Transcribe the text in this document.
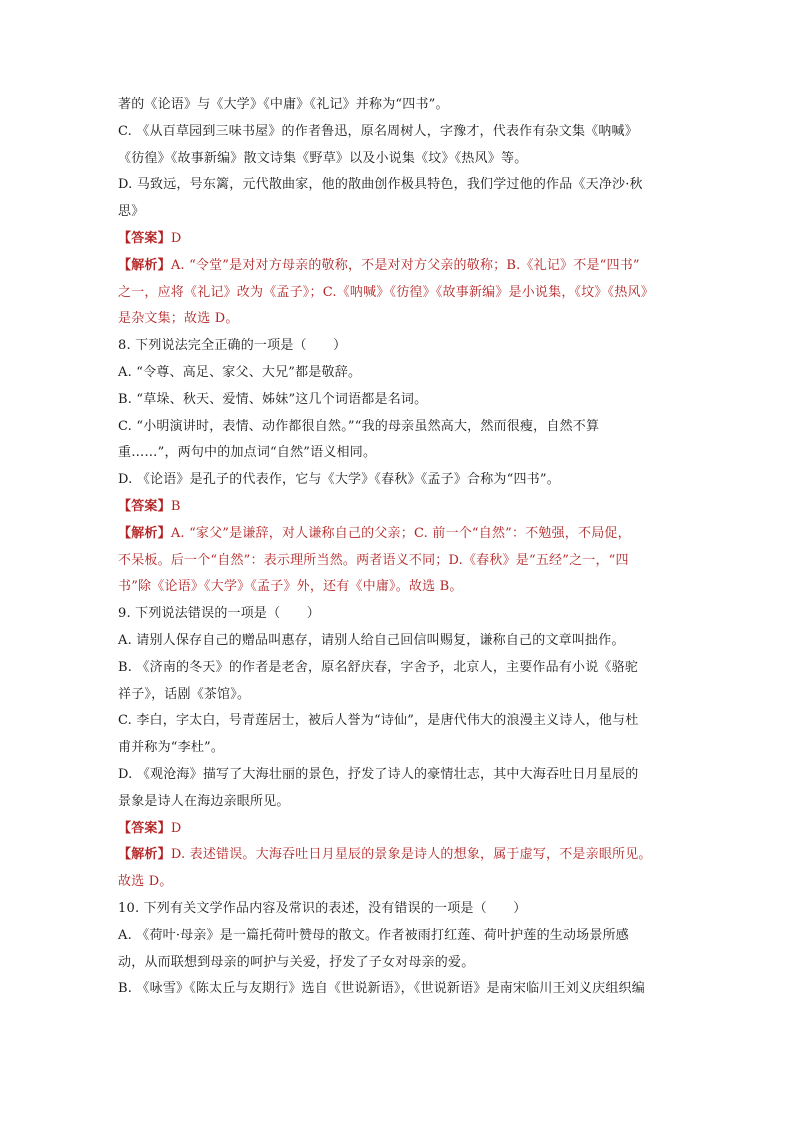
著的《论语》与《大学》《中庸》《礼记》并称为“四书”。
C. 《从百草园到三味书屋》的作者鲁迅，原名周树人，字豫才，代表作有杂文集《呐喊》
《彷徨》《故事新编》散文诗集《野草》以及小说集《坟》《热风》等。
D. 马致远，号东篱，元代散曲家，他的散曲创作极具特色，我们学过他的作品《天净沙·秋
思》
【答案】D
【解析】A. “令堂”是对对方母亲的敬称，不是对对方父亲的敬称；B.《礼记》不是“四书”
之一，应将《礼记》改为《孟子》；C.《呐喊》《彷徨》《故事新编》是小说集，《坟》《热风》
是杂文集；故选 D。
8. 下列说法完全正确的一项是（　　）
A. “令尊、高足、家父、大兄”都是敬辞。
B. “草垛、秋天、爱情、姊妹”这几个词语都是名词。
C. “小明演讲时，表情、动作都很自然。”“我的母亲虽然高大，然而很瘦，自然不算
重……”，两句中的加点词“自然”语义相同。
D. 《论语》是孔子的代表作，它与《大学》《春秋》《孟子》合称为“四书”。
【答案】B
【解析】A. “家父”是谦辞，对人谦称自己的父亲；C. 前一个“自然”：不勉强，不局促，
不呆板。后一个“自然”：表示理所当然。两者语义不同；D.《春秋》是“五经”之一，“四
书”除《论语》《大学》《孟子》外，还有《中庸》。故选 B。
9. 下列说法错误的一项是（　　）
A. 请别人保存自己的赠品叫惠存，请别人给自己回信叫赐复，谦称自己的文章叫拙作。
B. 《济南的冬天》的作者是老舍，原名舒庆春，字舍予，北京人，主要作品有小说《骆驼
祥子》，话剧《茶馆》。
C. 李白，字太白，号青莲居士，被后人誉为“诗仙”，是唐代伟大的浪漫主义诗人，他与杜
甫并称为“李杜”。
D. 《观沧海》描写了大海壮丽的景色，抒发了诗人的豪情壮志，其中大海吞吐日月星辰的
景象是诗人在海边亲眼所见。
【答案】D
【解析】D. 表述错误。大海吞吐日月星辰的景象是诗人的想象，属于虚写，不是亲眼所见。
故选 D。
10. 下列有关文学作品内容及常识的表述，没有错误的一项是（　　）
A. 《荷叶·母亲》是一篇托荷叶赞母的散文。作者被雨打红莲、荷叶护莲的生动场景所感
动，从而联想到母亲的呵护与关爱，抒发了子女对母亲的爱。
B. 《咏雪》《陈太丘与友期行》选自《世说新语》，《世说新语》是南宋临川王刘义庆组织编
